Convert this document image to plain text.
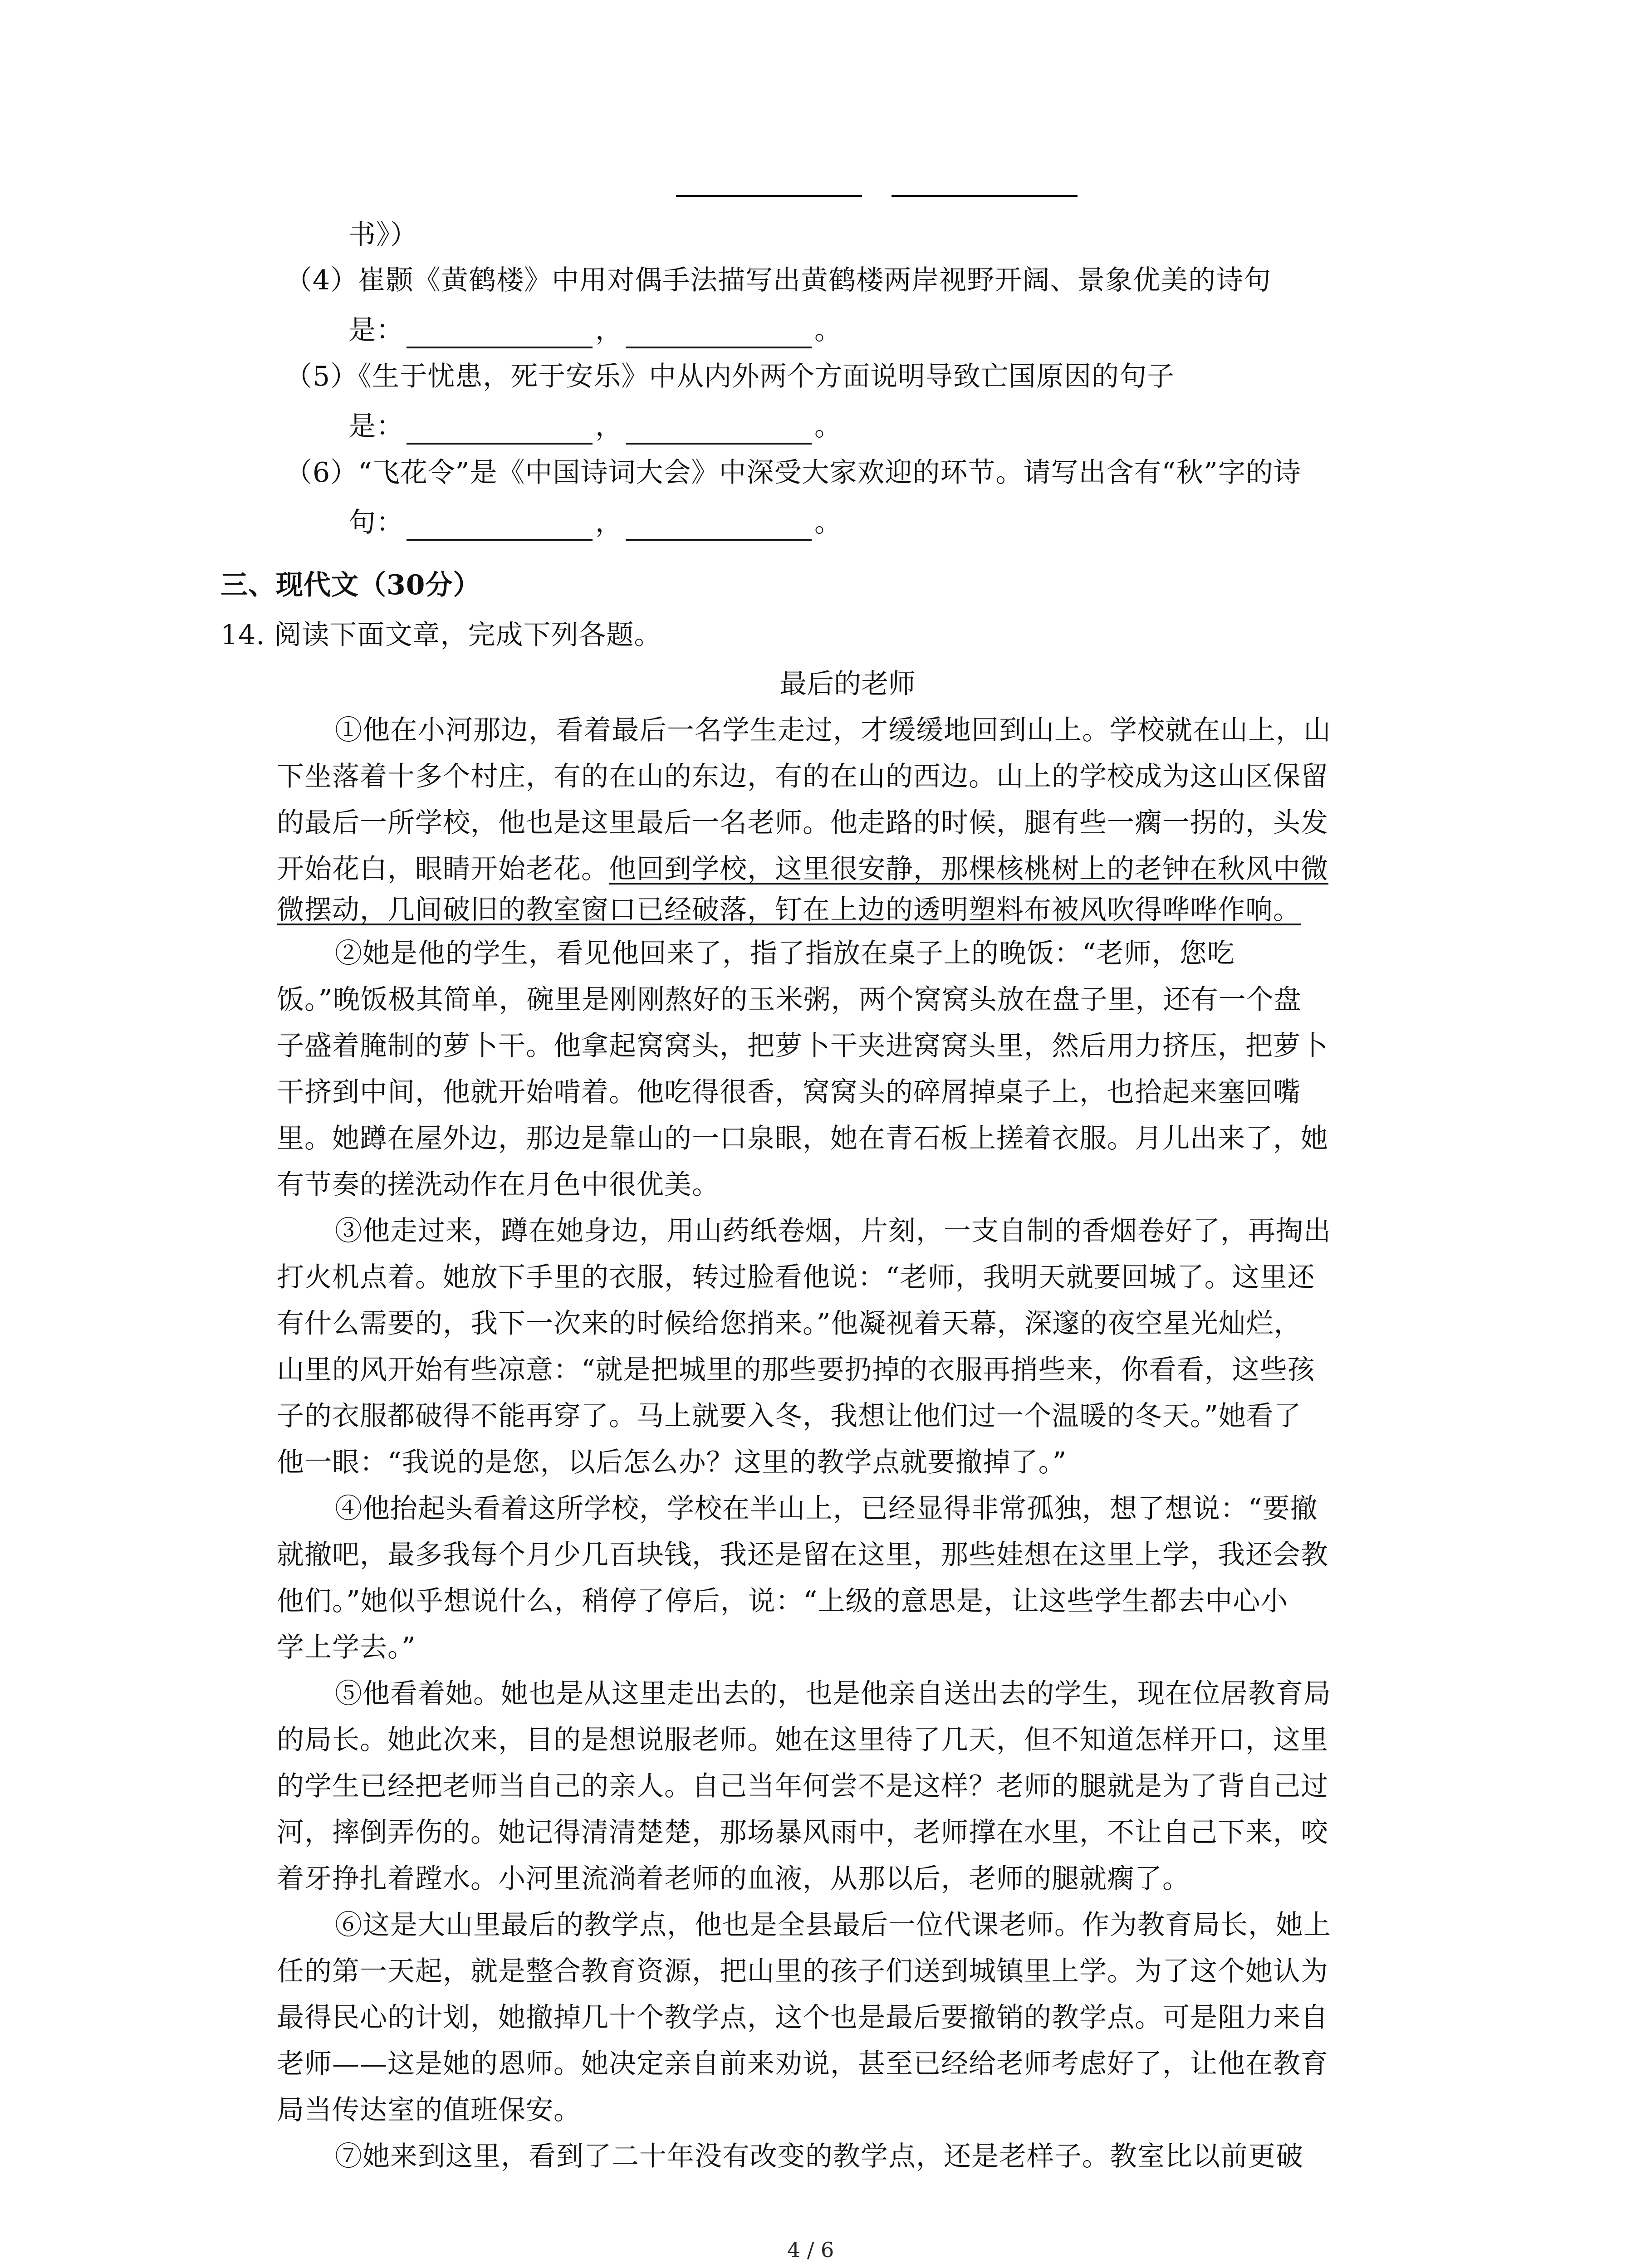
书》）
（4）崔颢《黄鹤楼》中用对偶手法描写出黄鹤楼两岸视野开阔、景象优美的诗句
是：	，	。
（5）《生于忧患，死于安乐》中从内外两个方面说明导致亡国原因的句子
是：	，	。
（6）“飞花令”是《中国诗词大会》中深受大家欢迎的环节。请写出含有“秋”字的诗
句：	，	。
三、现代文（30分）
14. 阅读下面文章，完成下列各题。
最后的老师
①他在小河那边，看着最后一名学生走过，才缓缓地回到山上。学校就在山上，山
下坐落着十多个村庄，有的在山的东边，有的在山的西边。山上的学校成为这山区保留
的最后一所学校，他也是这里最后一名老师。他走路的时候，腿有些一瘸一拐的，头发
开始花白，眼睛开始老花。他回到学校，这里很安静，那棵核桃树上的老钟在秋风中微
微摆动，几间破旧的教室窗口已经破落，钉在上边的透明塑料布被风吹得哗哗作响。
②她是他的学生，看见他回来了，指了指放在桌子上的晚饭：“老师，您吃
饭。”晚饭极其简单，碗里是刚刚熬好的玉米粥，两个窝窝头放在盘子里，还有一个盘
子盛着腌制的萝卜干。他拿起窝窝头，把萝卜干夹进窝窝头里，然后用力挤压，把萝卜
干挤到中间，他就开始啃着。他吃得很香，窝窝头的碎屑掉桌子上，也拾起来塞回嘴
里。她蹲在屋外边，那边是靠山的一口泉眼，她在青石板上搓着衣服。月儿出来了，她
有节奏的搓洗动作在月色中很优美。
③他走过来，蹲在她身边，用山药纸卷烟，片刻，一支自制的香烟卷好了，再掏出
打火机点着。她放下手里的衣服，转过脸看他说：“老师，我明天就要回城了。这里还
有什么需要的，我下一次来的时候给您捎来。”他凝视着天幕，深邃的夜空星光灿烂，
山里的风开始有些凉意：“就是把城里的那些要扔掉的衣服再捎些来，你看看，这些孩
子的衣服都破得不能再穿了。马上就要入冬，我想让他们过一个温暖的冬天。”她看了
他一眼：“我说的是您，以后怎么办？这里的教学点就要撤掉了。”
④他抬起头看着这所学校，学校在半山上，已经显得非常孤独，想了想说：“要撤
就撤吧，最多我每个月少几百块钱，我还是留在这里，那些娃想在这里上学，我还会教
他们。”她似乎想说什么，稍停了停后，说：“上级的意思是，让这些学生都去中心小
学上学去。”
⑤他看着她。她也是从这里走出去的，也是他亲自送出去的学生，现在位居教育局
的局长。她此次来，目的是想说服老师。她在这里待了几天，但不知道怎样开口，这里
的学生已经把老师当自己的亲人。自己当年何尝不是这样？老师的腿就是为了背自己过
河，摔倒弄伤的。她记得清清楚楚，那场暴风雨中，老师撑在水里，不让自己下来，咬
着牙挣扎着蹚水。小河里流淌着老师的血液，从那以后，老师的腿就瘸了。
⑥这是大山里最后的教学点，他也是全县最后一位代课老师。作为教育局长，她上
任的第一天起，就是整合教育资源，把山里的孩子们送到城镇里上学。为了这个她认为
最得民心的计划，她撤掉几十个教学点，这个也是最后要撤销的教学点。可是阻力来自
老师——这是她的恩师。她决定亲自前来劝说，甚至已经给老师考虑好了，让他在教育
局当传达室的值班保安。
⑦她来到这里，看到了二十年没有改变的教学点，还是老样子。教室比以前更破
4 / 6
